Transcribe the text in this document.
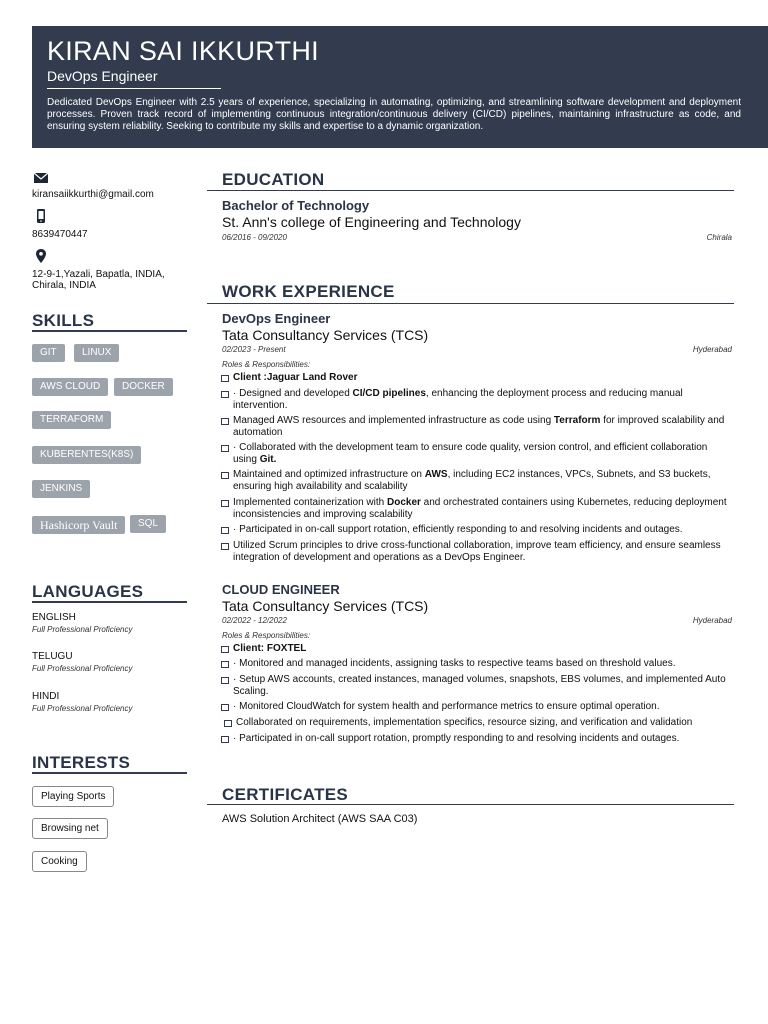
KIRAN SAI IKKURTHI
DevOps Engineer
Dedicated DevOps Engineer with 2.5 years of experience, specializing in automating, optimizing, and streamlining software development and deployment processes. Proven track record of implementing continuous integration/continuous delivery (CI/CD) pipelines, maintaining infrastructure as code, and ensuring system reliability. Seeking to contribute my skills and expertise to a dynamic organization.
kiransaiikkurthi@gmail.com
8639470447
12-9-1,Yazali, Bapatla, INDIA,
Chirala, INDIA
SKILLS
GIT	LINUX
AWS CLOUD	DOCKER
TERRAFORM
KUBERENTES(K8S)
JENKINS
Hashicorp Vault	SQL
LANGUAGES
ENGLISH
Full Professional Proficiency
TELUGU
Full Professional Proficiency
HINDI
Full Professional Proficiency
INTERESTS
Playing Sports
Browsing net
Cooking
EDUCATION
Bachelor of Technology
St. Ann's college of Engineering and Technology
06/2016 - 09/2020	Chirala
WORK EXPERIENCE
DevOps Engineer
Tata Consultancy Services (TCS)
02/2023 - Present	Hyderabad
Roles & Responsibilities:
Client :Jaguar Land Rover
· Designed and developed CI/CD pipelines, enhancing the deployment process and reducing manual intervention.
Managed AWS resources and implemented infrastructure as code using Terraform for improved scalability and automation
· Collaborated with the development team to ensure code quality, version control, and efficient collaboration using Git.
Maintained and optimized infrastructure on AWS, including EC2 instances, VPCs, Subnets, and S3 buckets, ensuring high availability and scalability
Implemented containerization with Docker and orchestrated containers using Kubernetes, reducing deployment inconsistencies and improving scalability
· Participated in on-call support rotation, efficiently responding to and resolving incidents and outages.
Utilized Scrum principles to drive cross-functional collaboration, improve team efficiency, and ensure seamless integration of development and operations as a DevOps Engineer.
CLOUD ENGINEER
Tata Consultancy Services (TCS)
02/2022 - 12/2022	Hyderabad
Roles & Responsibilities:
Client: FOXTEL
· Monitored and managed incidents, assigning tasks to respective teams based on threshold values.
· Setup AWS accounts, created instances, managed volumes, snapshots, EBS volumes, and implemented Auto Scaling.
· Monitored CloudWatch for system health and performance metrics to ensure optimal operation.
Collaborated on requirements, implementation specifics, resource sizing, and verification and validation
· Participated in on-call support rotation, promptly responding to and resolving incidents and outages.
CERTIFICATES
AWS Solution Architect (AWS SAA C03)
